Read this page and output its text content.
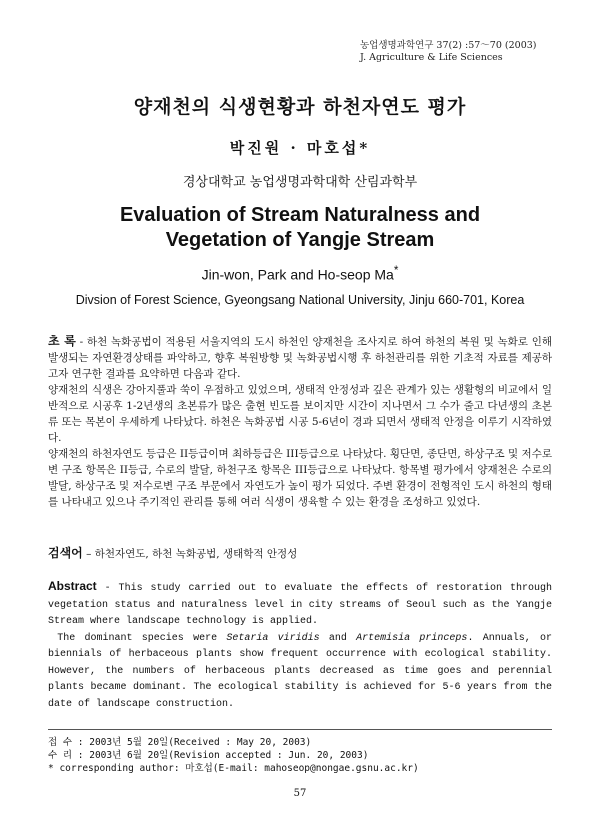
농업생명과학연구 37(2) :57～70 (2003)
J. Agriculture & Life Sciences
양재천의 식생현황과 하천자연도 평가
박진원 · 마호섭*
경상대학교 농업생명과학대학 산림과학부
Evaluation of Stream Naturalness and
Vegetation of Yangje Stream
Jin-won, Park and Ho-seop Ma*
Divsion of Forest Science, Gyeongsang National University, Jinju 660-701, Korea

초 록 - 하천 녹화공법이 적용된 서울지역의 도시 하천인 양재천을 조사지로 하여 하천의 복원 및 녹화로 인해 발생되는 자연환경상태를 파악하고, 향후 복원방향 및 녹화공법시행 후 하천관리를 위한 기초적 자료를 제공하고자 연구한 결과를 요약하면 다음과 같다.

양재천의 식생은 강아지풀과 쑥이 우점하고 있었으며, 생태적 안정성과 깊은 관계가 있는 생활형의 비교에서 일반적으로 시공후 1-2년생의 초본류가 많은 출현 빈도를 보이지만 시간이 지나면서 그 수가 줄고 다년생의 초본류 또는 목본이 우세하게 나타났다. 하천은 녹화공법 시공 5-6년이 경과 되면서 생태적 안정을 이루기 시작하였다.

양재천의 하천자연도 등급은 II등급이며 최하등급은 III등급으로 나타났다. 횡단면, 종단면, 하상구조 및 저수로변 구조 항목은 II등급, 수로의 발달, 하천구조 항목은 III등급으로 나타났다. 항목별 평가에서 양재천은 수로의 발달, 하상구조 및 저수로변 구조 부문에서 자연도가 높이 평가 되었다. 주변 환경이 전형적인 도시 하천의 형태를 나타내고 있으나 주기적인 관리를 통해 여러 식생이 생육할 수 있는 환경을 조성하고 있었다.

검색어 – 하천자연도, 하천 녹화공법, 생태학적 안정성

Abstract - This study carried out to evaluate the effects of restoration through vegetation status and naturalness level in city streams of Seoul such as the Yangje Stream where landscape technology is applied.

The dominant species were Setaria viridis and Artemisia princeps. Annuals, or biennials of herbaceous plants show frequent occurrence with ecological stability. However, the numbers of herbaceous plants decreased as time goes and perennial plants became dominant. The ecological stability is achieved for 5-6 years from the date of landscape construction.

접 수 : 2003년 5월 20일(Received : May 20, 2003)
수 리 : 2003년 6월 20일(Revision accepted : Jun. 20, 2003)
* corresponding author: 마호섭(E-mail: mahoseop@nongae.gsnu.ac.kr)
57
